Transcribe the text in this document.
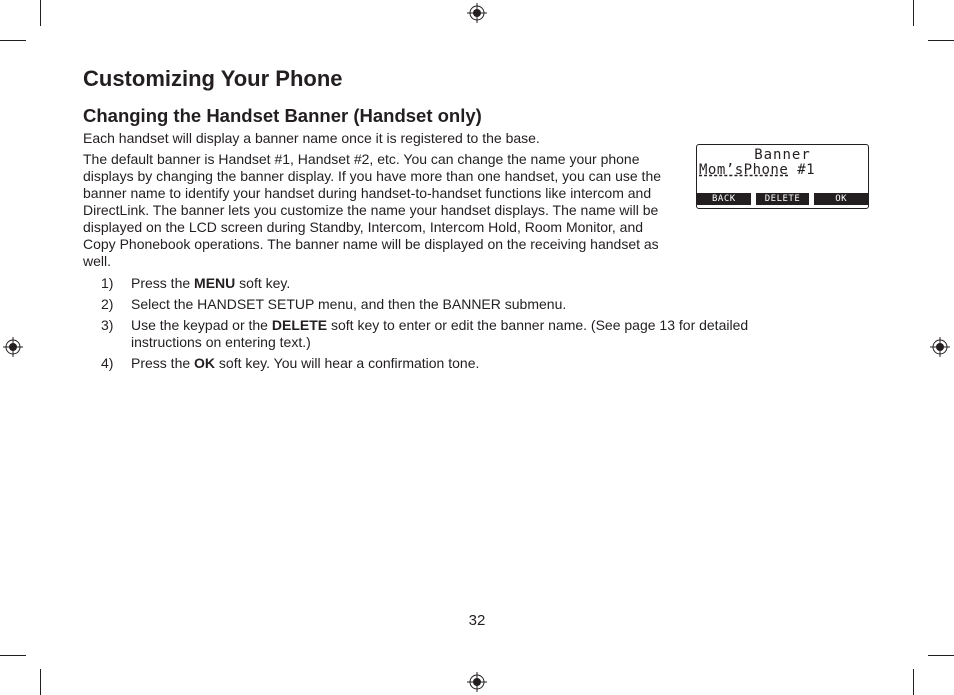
Customizing Your Phone
Changing the Handset Banner (Handset only)

Each handset will display a banner name once it is registered to the base.

The default banner is Handset #1, Handset #2, etc. You can change the name your phone displays by changing the banner display. If you have more than one handset, you can use the banner name to identify your handset during handset-to-handset functions like intercom and DirectLink. The banner lets you customize the name your handset displays. The name will be displayed on the LCD screen during Standby, Intercom, Intercom Hold, Room Monitor, and Copy Phonebook operations. The banner name will be displayed on the receiving handset as well.

1) Press the MENU soft key.
2) Select the HANDSET SETUP menu, and then the BANNER submenu.
3) Use the keypad or the DELETE soft key to enter or edit the banner name. (See page 13 for detailed instructions on entering text.)
4) Press the OK soft key. You will hear a confirmation tone.
Banner
Mom’sPhone #1
BACK	DELETE	OK
32
